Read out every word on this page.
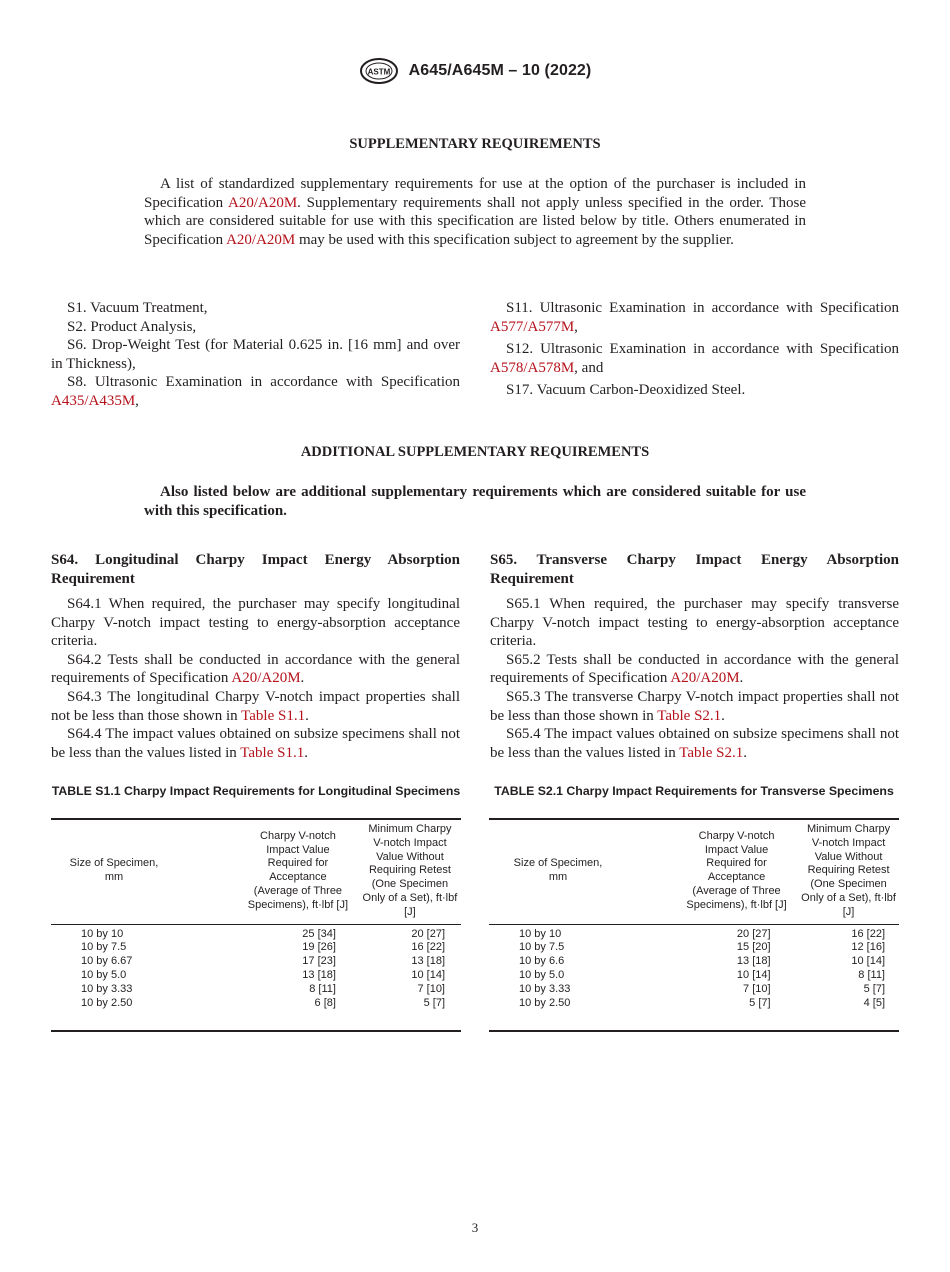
ASTM A645/A645M – 10 (2022)
SUPPLEMENTARY REQUIREMENTS

A list of standardized supplementary requirements for use at the option of the purchaser is included in Specification A20/A20M. Supplementary requirements shall not apply unless specified in the order. Those which are considered suitable for use with this specification are listed below by title. Others enumerated in Specification A20/A20M may be used with this specification subject to agreement by the supplier.

S1. Vacuum Treatment,
S2. Product Analysis,
S6. Drop-Weight Test (for Material 0.625 in. [16 mm] and over in Thickness),
S8. Ultrasonic Examination in accordance with Specification A435/A435M,
S11. Ultrasonic Examination in accordance with Specification A577/A577M,
S12. Ultrasonic Examination in accordance with Specification A578/A578M, and
S17. Vacuum Carbon-Deoxidized Steel.
ADDITIONAL SUPPLEMENTARY REQUIREMENTS

Also listed below are additional supplementary requirements which are considered suitable for use with this specification.

S64. Longitudinal Charpy Impact Energy Absorption Requirement

S64.1 When required, the purchaser may specify longitudinal Charpy V-notch impact testing to energy-absorption acceptance criteria.

S64.2 Tests shall be conducted in accordance with the general requirements of Specification A20/A20M.

S64.3 The longitudinal Charpy V-notch impact properties shall not be less than those shown in Table S1.1.

S64.4 The impact values obtained on subsize specimens shall not be less than the values listed in Table S1.1.

S65. Transverse Charpy Impact Energy Absorption Requirement

S65.1 When required, the purchaser may specify transverse Charpy V-notch impact testing to energy-absorption acceptance criteria.

S65.2 Tests shall be conducted in accordance with the general requirements of Specification A20/A20M.

S65.3 The transverse Charpy V-notch impact properties shall not be less than those shown in Table S2.1.

S65.4 The impact values obtained on subsize specimens shall not be less than the values listed in Table S2.1.

TABLE S1.1 Charpy Impact Requirements for Longitudinal Specimens
Size of Specimen, mm	Charpy V-notch Impact Value Required for Acceptance (Average of Three Specimens), ft·lbf [J]	Minimum Charpy V-notch Impact Value Without Requiring Retest (One Specimen Only of a Set), ft·lbf [J]

10 by 10	25 [34]	20 [27]
10 by 7.5	19 [26]	16 [22]
10 by 6.67	17 [23]	13 [18]
10 by 5.0	13 [18]	10 [14]
10 by 3.33	8 [11]	7 [10]
10 by 2.50	6 [8]	5 [7]
TABLE S2.1 Charpy Impact Requirements for Transverse Specimens
Size of Specimen, mm	Charpy V-notch Impact Value Required for Acceptance (Average of Three Specimens), ft·lbf [J]	Minimum Charpy V-notch Impact Value Without Requiring Retest (One Specimen Only of a Set), ft·lbf [J]

10 by 10	20 [27]	16 [22]
10 by 7.5	15 [20]	12 [16]
10 by 6.6	13 [18]	10 [14]
10 by 5.0	10 [14]	8 [11]
10 by 3.33	7 [10]	5 [7]
10 by 2.50	5 [7]	4 [5]
3
